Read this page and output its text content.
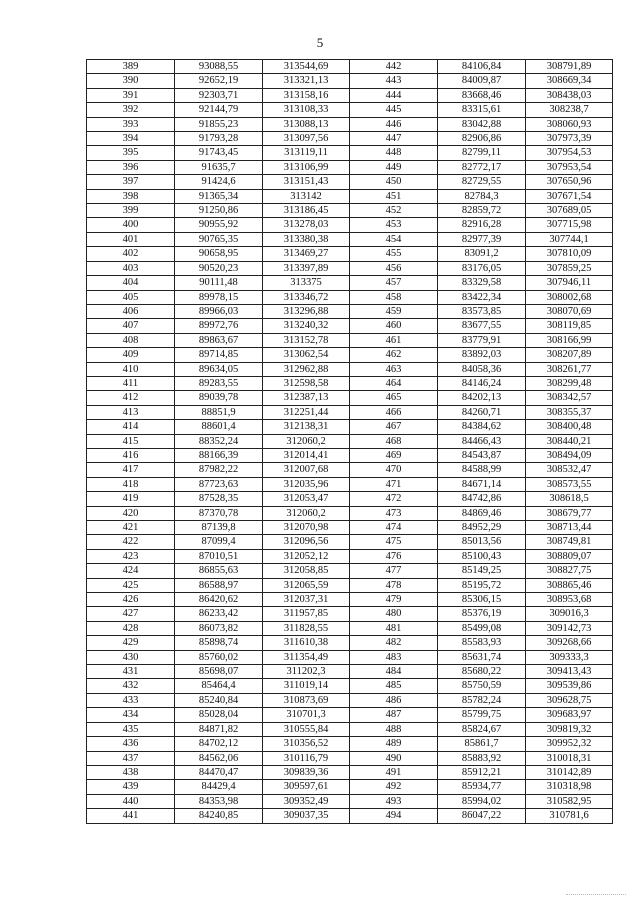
5
389	93088,55	313544,69	442	84106,84	308791,89
390	92652,19	313321,13	443	84009,87	308669,34
391	92303,71	313158,16	444	83668,46	308438,03
392	92144,79	313108,33	445	83315,61	308238,7
393	91855,23	313088,13	446	83042,88	308060,93
394	91793,28	313097,56	447	82906,86	307973,39
395	91743,45	313119,11	448	82799,11	307954,53
396	91635,7	313106,99	449	82772,17	307953,54
397	91424,6	313151,43	450	82729,55	307650,96
398	91365,34	313142	451	82784,3	307671,54
399	91250,86	313186,45	452	82859,72	307689,05
400	90955,92	313278,03	453	82916,28	307715,98
401	90765,35	313380,38	454	82977,39	307744,1
402	90658,95	313469,27	455	83091,2	307810,09
403	90520,23	313397,89	456	83176,05	307859,25
404	90111,48	313375	457	83329,58	307946,11
405	89978,15	313346,72	458	83422,34	308002,68
406	89966,03	313296,88	459	83573,85	308070,69
407	89972,76	313240,32	460	83677,55	308119,85
408	89863,67	313152,78	461	83779,91	308166,99
409	89714,85	313062,54	462	83892,03	308207,89
410	89634,05	312962,88	463	84058,36	308261,77
411	89283,55	312598,58	464	84146,24	308299,48
412	89039,78	312387,13	465	84202,13	308342,57
413	88851,9	312251,44	466	84260,71	308355,37
414	88601,4	312138,31	467	84384,62	308400,48
415	88352,24	312060,2	468	84466,43	308440,21
416	88166,39	312014,41	469	84543,87	308494,09
417	87982,22	312007,68	470	84588,99	308532,47
418	87723,63	312035,96	471	84671,14	308573,55
419	87528,35	312053,47	472	84742,86	308618,5
420	87370,78	312060,2	473	84869,46	308679,77
421	87139,8	312070,98	474	84952,29	308713,44
422	87099,4	312096,56	475	85013,56	308749,81
423	87010,51	312052,12	476	85100,43	308809,07
424	86855,63	312058,85	477	85149,25	308827,75
425	86588,97	312065,59	478	85195,72	308865,46
426	86420,62	312037,31	479	85306,15	308953,68
427	86233,42	311957,85	480	85376,19	309016,3
428	86073,82	311828,55	481	85499,08	309142,73
429	85898,74	311610,38	482	85583,93	309268,66
430	85760,02	311354,49	483	85631,74	309333,3
431	85698,07	311202,3	484	85680,22	309413,43
432	85464,4	311019,14	485	85750,59	309539,86
433	85240,84	310873,69	486	85782,24	309628,75
434	85028,04	310701,3	487	85799,75	309683,97
435	84871,82	310555,84	488	85824,67	309819,32
436	84702,12	310356,52	489	85861,7	309952,32
437	84562,06	310116,79	490	85883,92	310018,31
438	84470,47	309839,36	491	85912,21	310142,89
439	84429,4	309597,61	492	85934,77	310318,98
440	84353,98	309352,49	493	85994,02	310582,95
441	84240,85	309037,35	494	86047,22	310781,6
